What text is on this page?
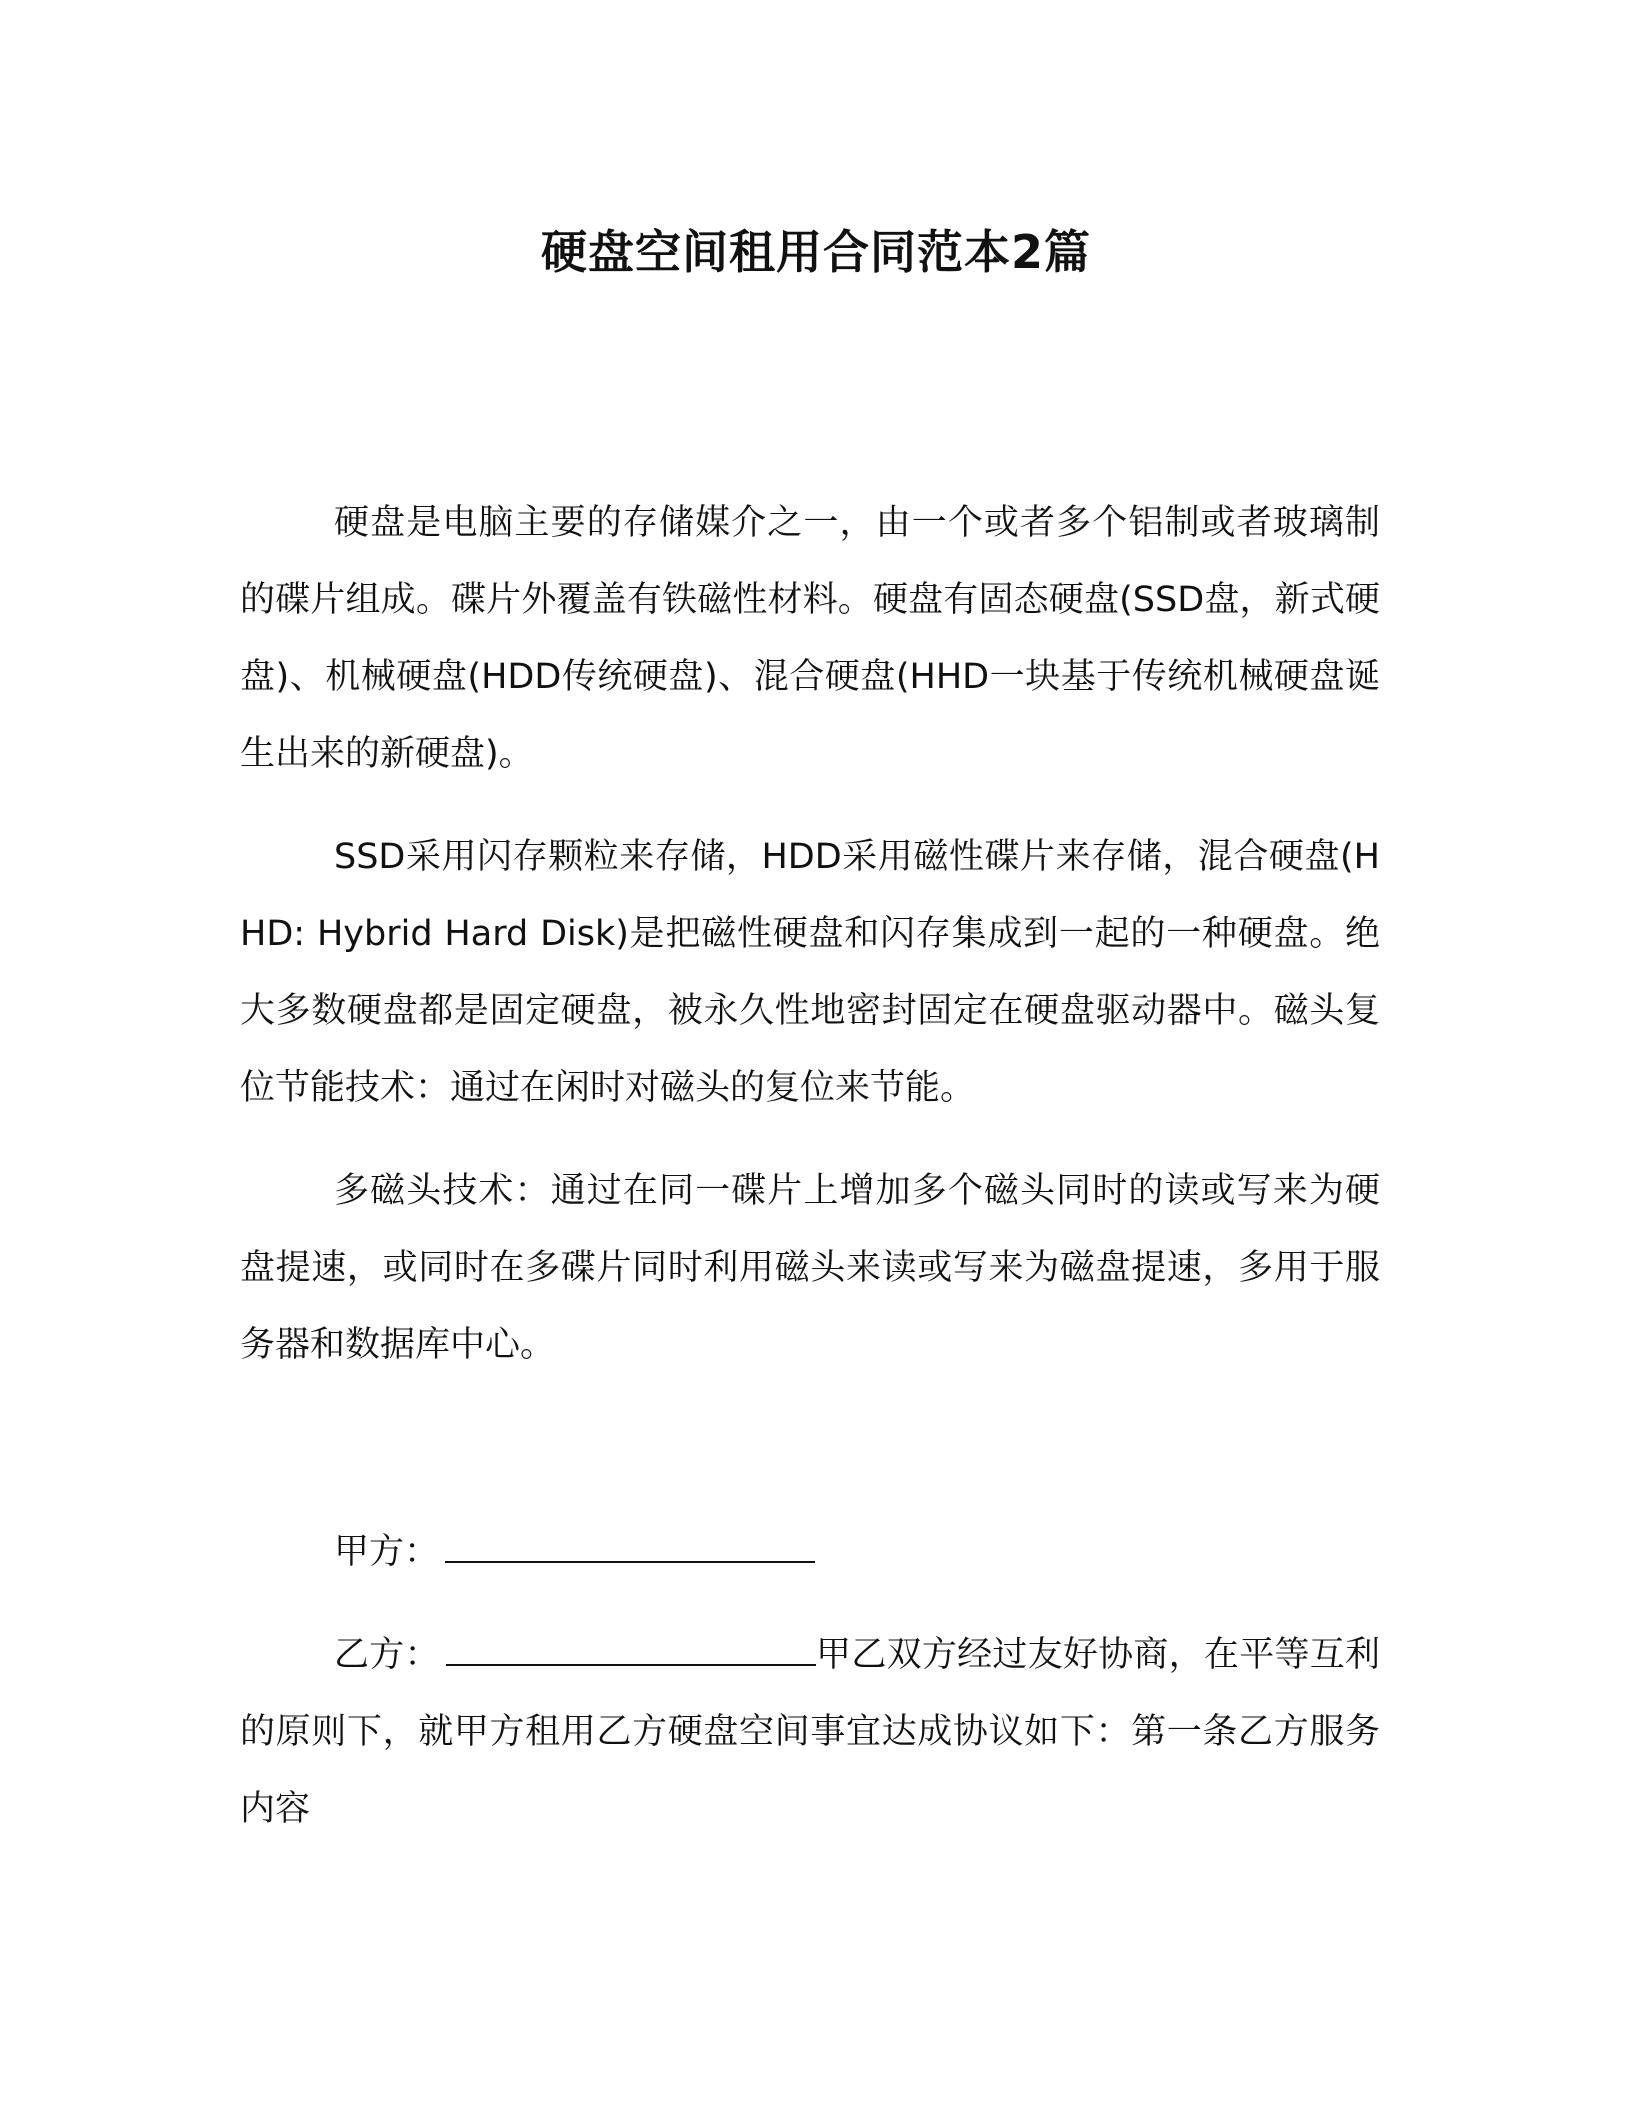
硬盘空间租用合同范本2篇

硬盘是电脑主要的存储媒介之一，由一个或者多个铝制或者玻璃制的碟片组成。碟片外覆盖有铁磁性材料。硬盘有固态硬盘(SSD盘，新式硬盘)、机械硬盘(HDD传统硬盘)、混合硬盘(HHD一块基于传统机械硬盘诞生出来的新硬盘)。

SSD采用闪存颗粒来存储，HDD采用磁性碟片来存储，混合硬盘(HHD: Hybrid Hard Disk)是把磁性硬盘和闪存集成到一起的一种硬盘。绝大多数硬盘都是固定硬盘，被永久性地密封固定在硬盘驱动器中。磁头复位节能技术：通过在闲时对磁头的复位来节能。

多磁头技术：通过在同一碟片上增加多个磁头同时的读或写来为硬盘提速，或同时在多碟片同时利用磁头来读或写来为磁盘提速，多用于服务器和数据库中心。

甲方：

乙方：	甲乙双方经过友好协商，在平等互利的原则下，就甲方租用乙方硬盘空间事宜达成协议如下：第一条乙方服务内容
